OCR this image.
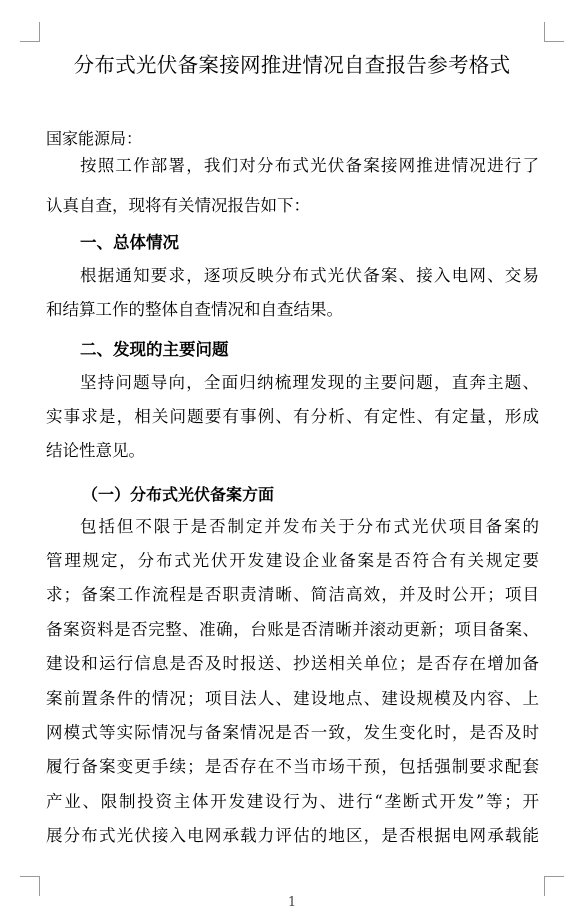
分布式光伏备案接网推进情况自查报告参考格式
国家能源局：
按照工作部署，我们对分布式光伏备案接网推进情况进行了
认真自查，现将有关情况报告如下：
一、总体情况
根据通知要求，逐项反映分布式光伏备案、接入电网、交易
和结算工作的整体自查情况和自查结果。
二、发现的主要问题
坚持问题导向，全面归纳梳理发现的主要问题，直奔主题、
实事求是，相关问题要有事例、有分析、有定性、有定量，形成
结论性意见。
（一）分布式光伏备案方面
包括但不限于是否制定并发布关于分布式光伏项目备案的
管理规定，分布式光伏开发建设企业备案是否符合有关规定要
求；备案工作流程是否职责清晰、简洁高效，并及时公开；项目
备案资料是否完整、准确，台账是否清晰并滚动更新；项目备案、
建设和运行信息是否及时报送、抄送相关单位；是否存在增加备
案前置条件的情况；项目法人、建设地点、建设规模及内容、上
网模式等实际情况与备案情况是否一致，发生变化时，是否及时
履行备案变更手续；是否存在不当市场干预，包括强制要求配套
产业、限制投资主体开发建设行为、进行“垄断式开发”等；开
展分布式光伏接入电网承载力评估的地区，是否根据电网承载能
1
